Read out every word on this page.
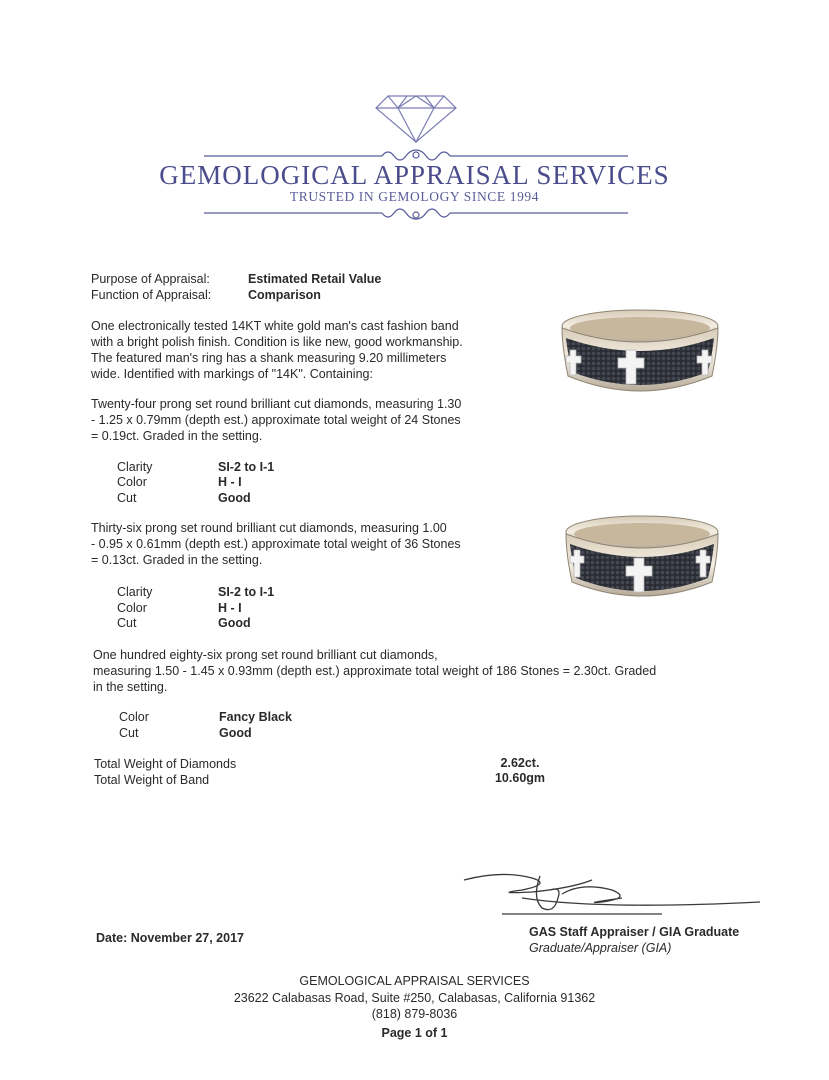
GEMOLOGICAL APPRAISAL SERVICES
TRUSTED IN GEMOLOGY SINCE 1994
Purpose of Appraisal:	Estimated Retail Value
Function of Appraisal:	Comparison
One electronically tested 14KT white gold man's cast fashion band
with a bright polish finish. Condition is like new, good workmanship.
The featured man's ring has a shank measuring 9.20 millimeters
wide. Identified with markings of "14K". Containing:
Twenty-four prong set round brilliant cut diamonds, measuring 1.30
- 1.25 x 0.79mm (depth est.) approximate total weight of 24 Stones
= 0.19ct. Graded in the setting.
Clarity	SI-2 to I-1
Color	H - I
Cut	Good
Thirty-six prong set round brilliant cut diamonds, measuring 1.00
- 0.95 x 0.61mm (depth est.) approximate total weight of 36 Stones
= 0.13ct. Graded in the setting.
Clarity	SI-2 to I-1
Color	H - I
Cut	Good
One hundred eighty-six prong set round brilliant cut diamonds,
measuring 1.50 - 1.45 x 0.93mm (depth est.) approximate total weight of 186 Stones = 2.30ct. Graded
in the setting.
Color	Fancy Black
Cut	Good
Total Weight of Diamonds	2.62ct.
Total Weight of Band	10.60gm
Date: November 27, 2017	GAS Staff Appraiser / GIA Graduate
Graduate/Appraiser (GIA)
GEMOLOGICAL APPRAISAL SERVICES
23622 Calabasas Road, Suite #250, Calabasas, California 91362
(818) 879-8036
Page 1 of 1
